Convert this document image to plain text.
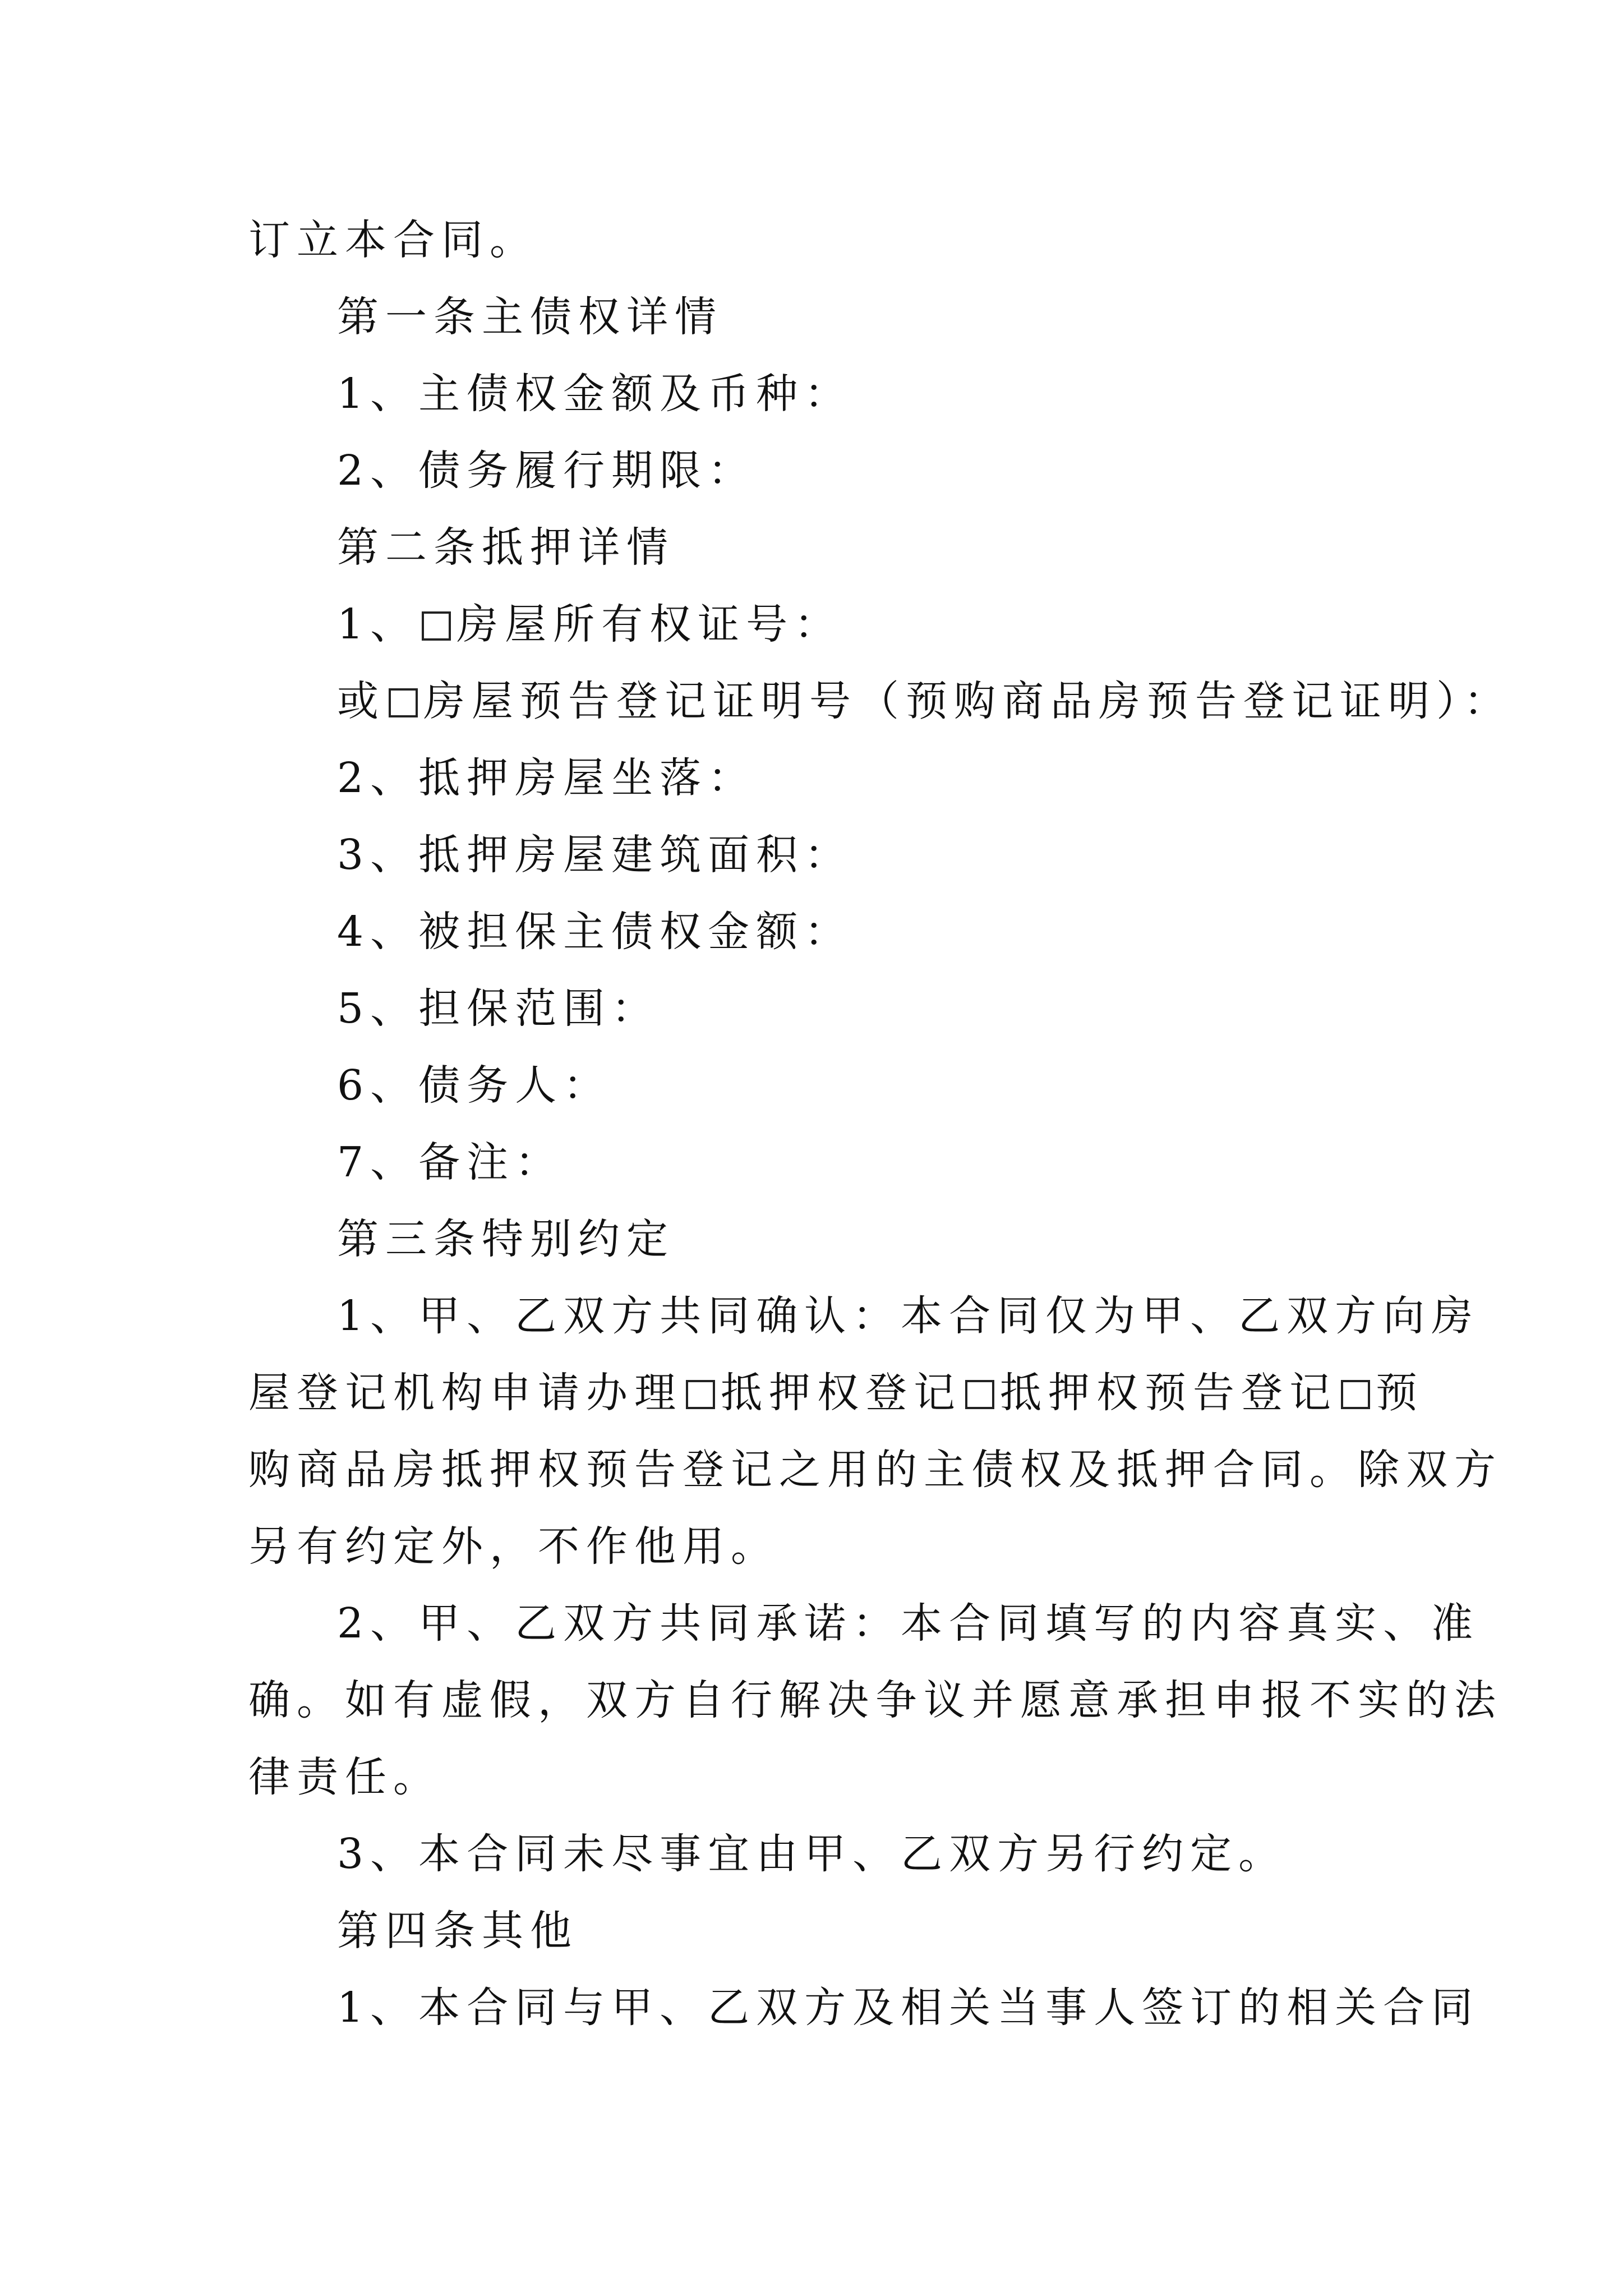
订立本合同。
第一条主债权详情
1、主债权金额及币种：
2、债务履行期限：
第二条抵押详情
1、 房屋所有权证号：
或 房屋预告登记证明号（预购商品房预告登记证明）：
2、抵押房屋坐落：
3、抵押房屋建筑面积：
4、被担保主债权金额：
5、担保范围：
6、债务人：
7、备注：
第三条特别约定
1、甲、乙双方共同确认：本合同仅为甲、乙双方向房
屋登记机构申请办理 抵押权登记 抵押权预告登记 预
购商品房抵押权预告登记之用的主债权及抵押合同。除双方
另有约定外，不作他用。
2、甲、乙双方共同承诺：本合同填写的内容真实、准
确。如有虚假，双方自行解决争议并愿意承担申报不实的法
律责任。
3、本合同未尽事宜由甲、乙双方另行约定。
第四条其他
1、本合同与甲、乙双方及相关当事人签订的相关合同
